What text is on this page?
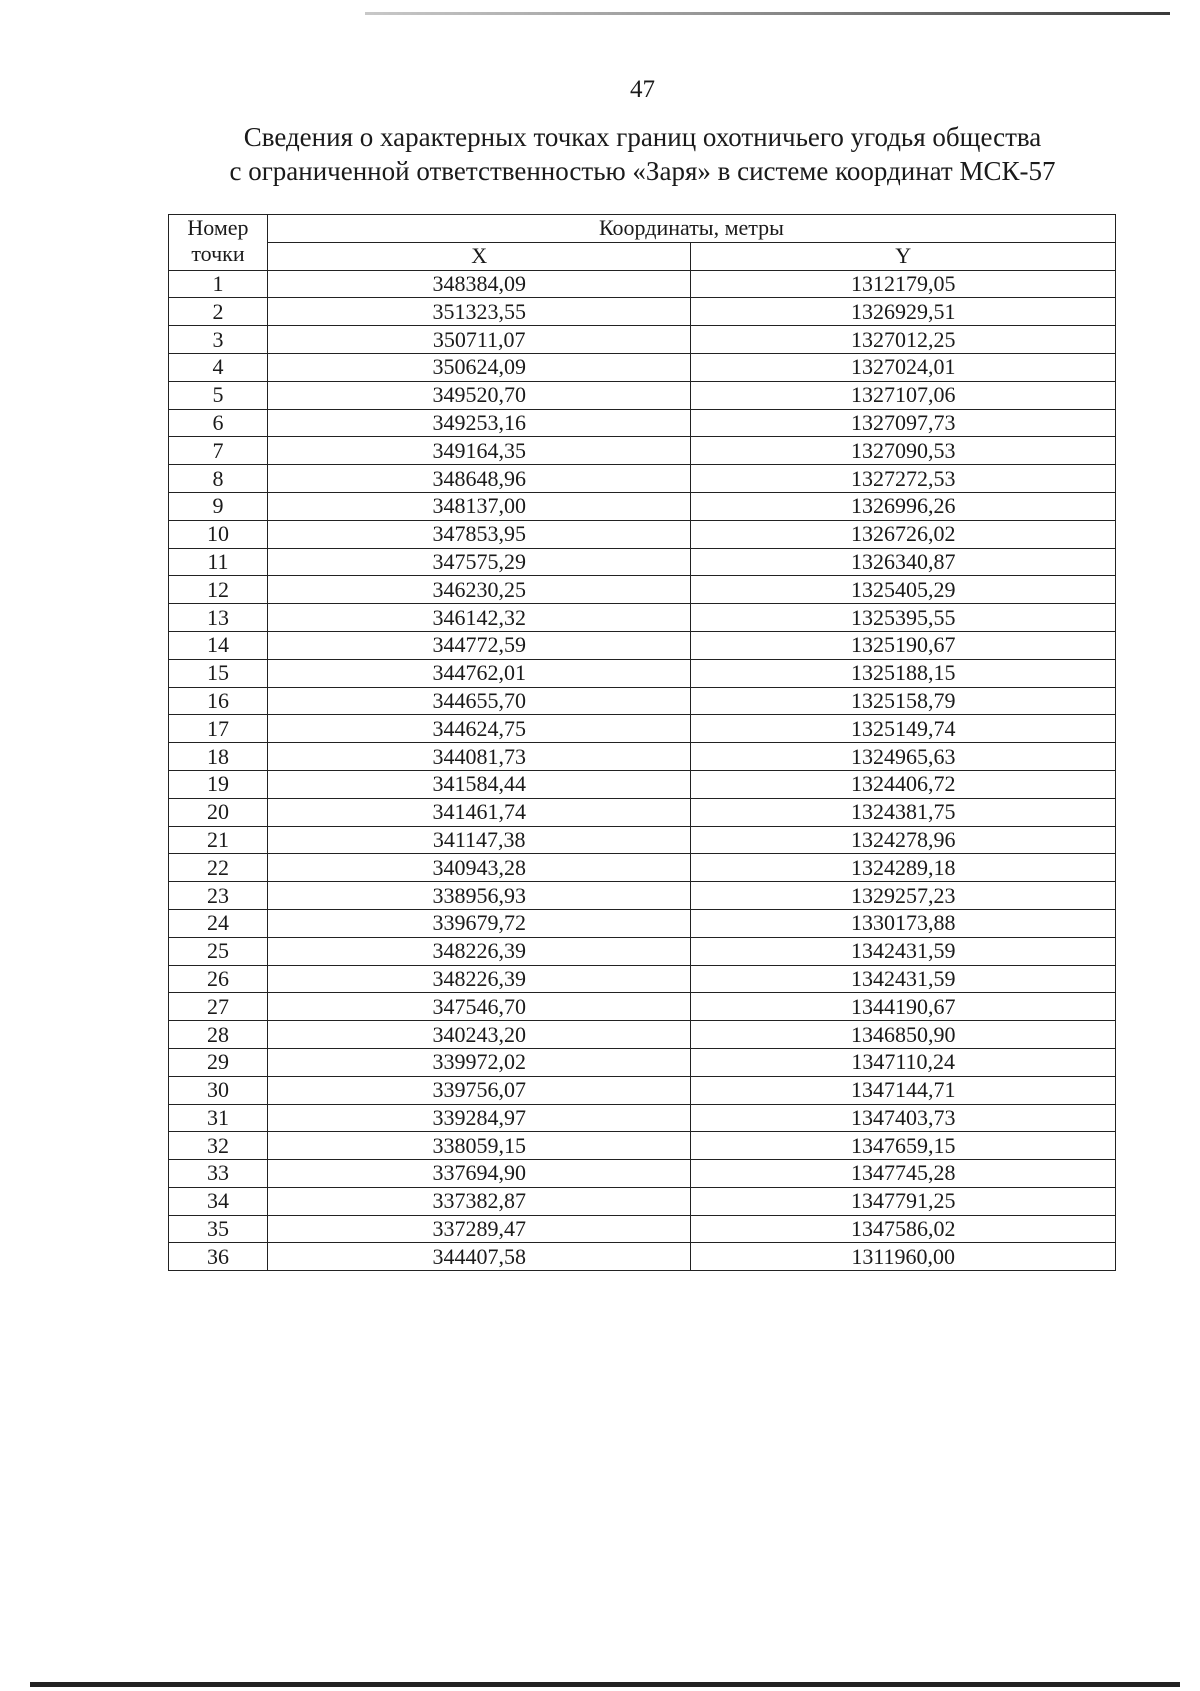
47
Сведения о характерных точках границ охотничьего угодья общества
с ограниченной ответственностью «Заря» в системе координат МСК-57
Номер
точки	Координаты, метры	
	X	Y
1	348384,09	1312179,05
2	351323,55	1326929,51
3	350711,07	1327012,25
4	350624,09	1327024,01
5	349520,70	1327107,06
6	349253,16	1327097,73
7	349164,35	1327090,53
8	348648,96	1327272,53
9	348137,00	1326996,26
10	347853,95	1326726,02
11	347575,29	1326340,87
12	346230,25	1325405,29
13	346142,32	1325395,55
14	344772,59	1325190,67
15	344762,01	1325188,15
16	344655,70	1325158,79
17	344624,75	1325149,74
18	344081,73	1324965,63
19	341584,44	1324406,72
20	341461,74	1324381,75
21	341147,38	1324278,96
22	340943,28	1324289,18
23	338956,93	1329257,23
24	339679,72	1330173,88
25	348226,39	1342431,59
26	348226,39	1342431,59
27	347546,70	1344190,67
28	340243,20	1346850,90
29	339972,02	1347110,24
30	339756,07	1347144,71
31	339284,97	1347403,73
32	338059,15	1347659,15
33	337694,90	1347745,28
34	337382,87	1347791,25
35	337289,47	1347586,02
36	344407,58	1311960,00
